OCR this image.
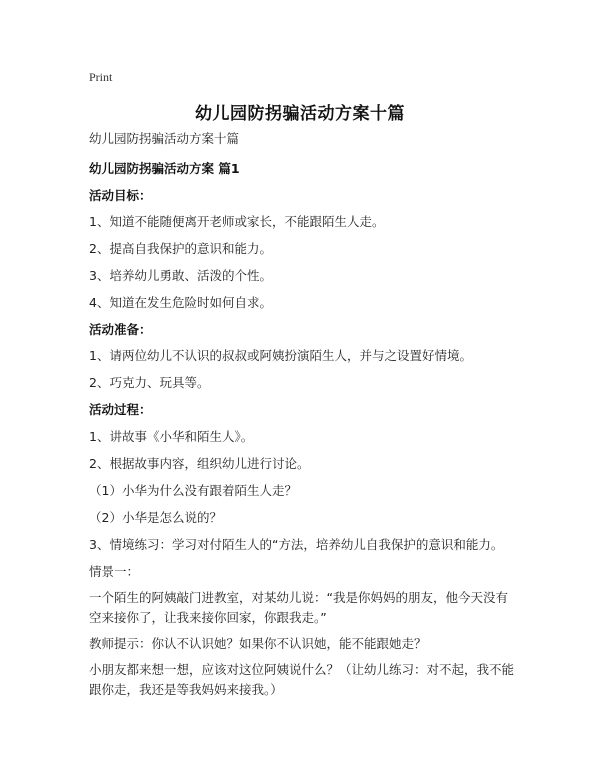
Print
幼儿园防拐骗活动方案十篇
幼儿园防拐骗活动方案十篇
幼儿园防拐骗活动方案 篇1
活动目标：
1、知道不能随便离开老师或家长，不能跟陌生人走。
2、提高自我保护的意识和能力。
3、培养幼儿勇敢、活泼的个性。
4、知道在发生危险时如何自求。
活动准备：
1、请两位幼儿不认识的叔叔或阿姨扮演陌生人，并与之设置好情境。
2、巧克力、玩具等。
活动过程：
1、讲故事《小华和陌生人》。
2、根据故事内容，组织幼儿进行讨论。
（1）小华为什么没有跟着陌生人走？
（2）小华是怎么说的？
3、情境练习：学习对付陌生人的“方法，培养幼儿自我保护的意识和能力。
情景一：
一个陌生的阿姨敲门进教室，对某幼儿说：“我是你妈妈的朋友，他今天没有空来接你了，让我来接你回家，你跟我走。”
教师提示：你认不认识她？如果你不认识她，能不能跟她走？
小朋友都来想一想，应该对这位阿姨说什么？（让幼儿练习：对不起，我不能跟你走，我还是等我妈妈来接我。）
